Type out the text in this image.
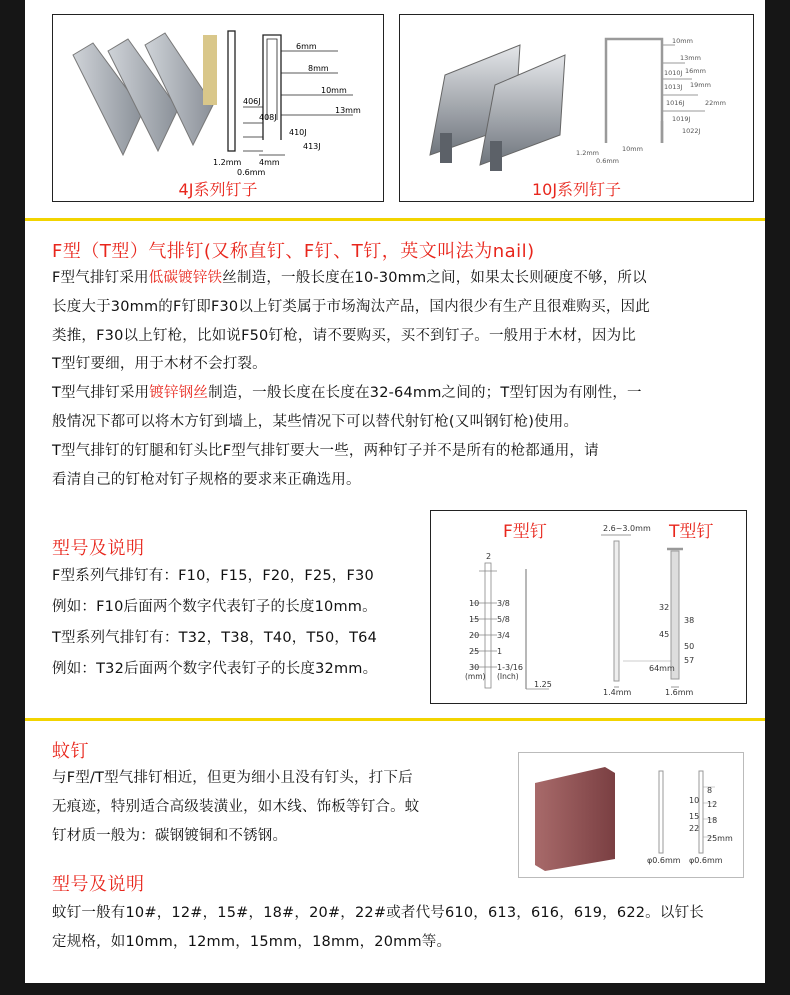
6mm
8mm
10mm
13mm
406J
408J
410J
413J
1.2mm 4mm
0.6mm
4J系列钉子
10mm
13mm
16mm
19mm
22mm
1010J
1013J
1016J
1019J
1022J
1.2mm	10mm
0.6mm
10J系列钉子
F型（T型）气排钉(又称直钉、F钉、T钉，英文叫法为nail)
F型气排钉采用低碳镀锌铁丝制造，一般长度在10-30mm之间，如果太长则硬度不够，所以
长度大于30mm的F钉即F30以上钉类属于市场淘汰产品，国内很少有生产且很难购买，因此
类推，F30以上钉枪，比如说F50钉枪，请不要购买，买不到钉子。一般用于木材，因为比
T型钉要细，用于木材不会打裂。
T型气排钉采用镀锌钢丝制造，一般长度在长度在32-64mm之间的；T型钉因为有刚性，一
般情况下都可以将木方钉到墙上，某些情况下可以替代射钉枪(又叫钢钉枪)使用。
T型气排钉的钉腿和钉头比F型气排钉要大一些，两种钉子并不是所有的枪都通用，请
看清自己的钉枪对钉子规格的要求来正确选用。
型号及说明
F型系列气排钉有：F10，F15，F20，F25，F30
例如：F10后面两个数字代表钉子的长度10mm。
T型系列气排钉有：T32，T38，T40，T50，T64
例如：T32后面两个数字代表钉子的长度32mm。
F型钉	T型钉
2
10
15
20
25
30
3/8
5/8
3/4
1
1-3/16
(mm) (Inch)
1.25
2.6~3.0mm
32
45
64mm
38
50
57
1.4mm	1.6mm
蚊钉
与F型/T型气排钉相近，但更为细小且没有钉头，打下后
无痕迹，特别适合高级装潢业，如木线、饰板等钉合。蚊
钉材质一般为：碳钢镀铜和不锈钢。
10
15
22
8
12
18
25mm
φ0.6mm φ0.6mm
型号及说明
蚊钉一般有10#，12#，15#，18#，20#，22#或者代号610，613，616，619，622。以钉长
定规格，如10mm，12mm，15mm，18mm，20mm等。
